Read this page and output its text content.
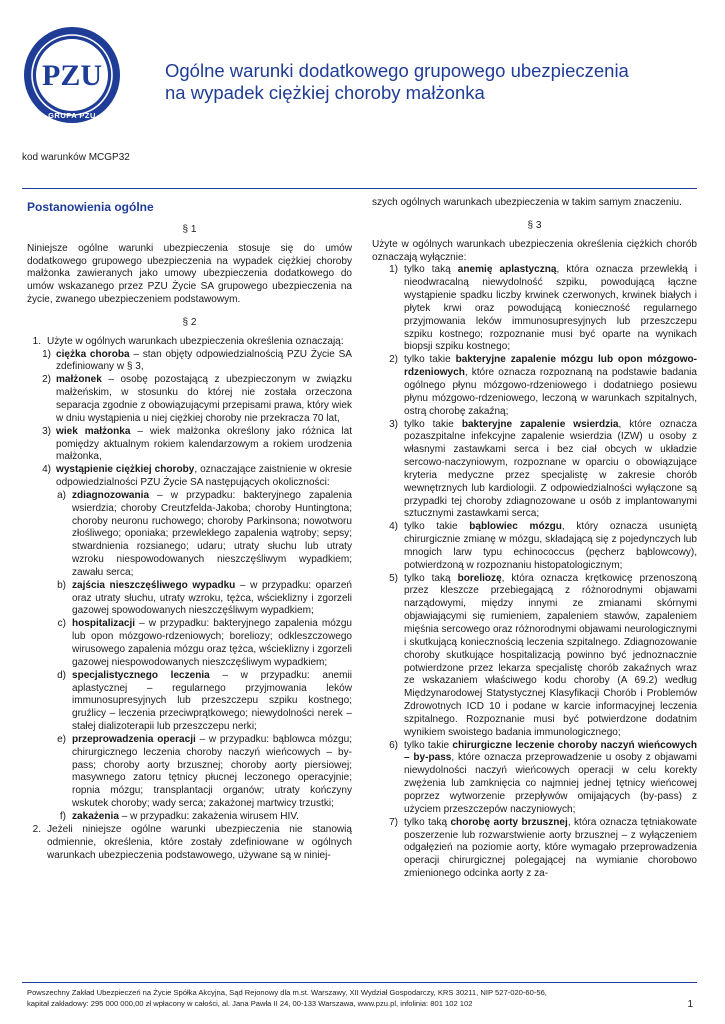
PZU
GRUPA PZU
Ogólne warunki dodatkowego grupowego ubezpieczenia
na wypadek ciężkiej choroby małżonka
kod warunków MCGP32
Postanowienia ogólne
§ 1

Niniejsze ogólne warunki ubezpieczenia stosuje się do umów dodatkowego grupowego ubezpieczenia na wypadek ciężkiej choroby małżonka zawieranych jako umowy ubezpieczenia dodatkowego do umów wskazanego przez PZU Życie SA grupowego ubezpieczenia na życie, zwanego ubezpieczeniem podstawowym.

§ 2
1. Użyte w ogólnych warunkach ubezpieczenia określenia oznaczają:
1) ciężka choroba – stan objęty odpowiedzialnością PZU Życie SA zdefiniowany w § 3,
2) małżonek – osobę pozostającą z ubezpieczonym w związku małżeńskim, w stosunku do której nie została orzeczona separacja zgodnie z obowiązującymi przepisami prawa, który wiek w dniu wystąpienia u niej ciężkiej choroby nie przekracza 70 lat,
3) wiek małżonka – wiek małżonka określony jako różnica lat pomiędzy aktualnym rokiem kalendarzowym a rokiem urodzenia małżonka,
4) wystąpienie ciężkiej choroby, oznaczające zaistnienie w okresie odpowiedzialności PZU Życie SA następujących okoliczności:
a) zdiagnozowania – w przypadku: bakteryjnego zapalenia wsierdzia; choroby Creutzfelda-Jakoba; choroby Huntingtona; choroby neuronu ruchowego; choroby Parkinsona; nowotworu złośliwego; oponiaka; przewlekłego zapalenia wątroby; sepsy; stwardnienia rozsianego; udaru; utraty słuchu lub utraty wzroku niespowodowanych nieszczęśliwym wypadkiem; zawału serca;
b) zajścia nieszczęśliwego wypadku – w przypadku: oparzeń oraz utraty słuchu, utraty wzroku, tężca, wścieklizny i zgorzeli gazowej spowodowanych nieszczęśliwym wypadkiem;
c) hospitalizacji – w przypadku: bakteryjnego zapalenia mózgu lub opon mózgowo-rdzeniowych; boreliozy; odkleszczowego wirusowego zapalenia mózgu oraz tężca, wścieklizny i zgorzeli gazowej niespowodowanych nieszczęśliwym wypadkiem;
d) specjalistycznego leczenia – w przypadku: anemii aplastycznej – regularnego przyjmowania leków immunosupresyjnych lub przeszczepu szpiku kostnego; gruźlicy – leczenia przeciwprątkowego; niewydolności nerek – stałej dializoterapii lub przeszczepu nerki;
e) przeprowadzenia operacji – w przypadku: bąblowca mózgu; chirurgicznego leczenia choroby naczyń wieńcowych – by-pass; choroby aorty brzusznej; choroby aorty piersiowej; masywnego zatoru tętnicy płucnej leczonego operacyjnie; ropnia mózgu; transplantacji organów; utraty kończyny wskutek choroby; wady serca; zakażonej martwicy trzustki;
f) zakażenia – w przypadku: zakażenia wirusem HIV.
2. Jeżeli niniejsze ogólne warunki ubezpieczenia nie stanowią odmiennie, określenia, które zostały zdefiniowane w ogólnych warunkach ubezpieczenia podstawowego, używane są w niniej-

szych ogólnych warunkach ubezpieczenia w takim samym znaczeniu.

§ 3

Użyte w ogólnych warunkach ubezpieczenia określenia ciężkich chorób oznaczają wyłącznie:

1) tylko taką anemię aplastyczną, która oznacza przewlekłą i nieodwracalną niewydolność szpiku, powodującą łączne wystąpienie spadku liczby krwinek czerwonych, krwinek białych i płytek krwi oraz powodującą konieczność regularnego przyjmowania leków immunosupresyjnych lub przeszczepu szpiku kostnego; rozpoznanie musi być oparte na wynikach biopsji szpiku kostnego;
2) tylko takie bakteryjne zapalenie mózgu lub opon mózgowo-rdzeniowych, które oznacza rozpoznaną na podstawie badania ogólnego płynu mózgowo-rdzeniowego i dodatniego posiewu płynu mózgowo-rdzeniowego, leczoną w warunkach szpitalnych, ostrą chorobę zakaźną;
3) tylko takie bakteryjne zapalenie wsierdzia, które oznacza pozaszpitalne infekcyjne zapalenie wsierdzia (IZW) u osoby z własnymi zastawkami serca i bez ciał obcych w układzie sercowo-naczyniowym, rozpoznane w oparciu o obowiązujące kryteria medyczne przez specjalistę w zakresie chorób wewnętrznych lub kardiologii. Z odpowiedzialności wyłączone są przypadki tej choroby zdiagnozowane u osób z implantowanymi sztucznymi zastawkami serca;
4) tylko takie bąblowiec mózgu, który oznacza usuniętą chirurgicznie zmianę w mózgu, składającą się z pojedynczych lub mnogich larw typu echinococcus (pęcherz bąblowcowy), potwierdzoną w rozpoznaniu histopatologicznym;
5) tylko taką boreliozę, która oznacza krętkowicę przenoszoną przez kleszcze przebiegającą z różnorodnymi objawami narządowymi, między innymi ze zmianami skórnymi objawiającymi się rumieniem, zapaleniem stawów, zapaleniem mięśnia sercowego oraz różnorodnymi objawami neurologicznymi i skutkującą koniecznością leczenia szpitalnego. Zdiagnozowanie choroby skutkujące hospitalizacją powinno być jednoznacznie potwierdzone przez lekarza specjalistę chorób zakaźnych wraz ze wskazaniem właściwego kodu choroby (A 69.2) według Międzynarodowej Statystycznej Klasyfikacji Chorób i Problemów Zdrowotnych ICD 10 i podane w karcie informacyjnej leczenia szpitalnego. Rozpoznanie musi być potwierdzone dodatnim wynikiem swoistego badania immunologicznego;
6) tylko takie chirurgiczne leczenie choroby naczyń wieńcowych – by-pass, które oznacza przeprowadzenie u osoby z objawami niewydolności naczyń wieńcowych operacji w celu korekty zwężenia lub zamknięcia co najmniej jednej tętnicy wieńcowej poprzez wytworzenie przepływów omijających (by-pass) z użyciem przeszczepów naczyniowych;
7) tylko taką chorobę aorty brzusznej, która oznacza tętniakowate poszerzenie lub rozwarstwienie aorty brzusznej – z wyłączeniem odgałęzień na poziomie aorty, które wymagało przeprowadzenia operacji chirurgicznej polegającej na wymianie chorobowo zmienionego odcinka aorty z za-
Powszechny Zakład Ubezpieczeń na Życie Spółka Akcyjna, Sąd Rejonowy dla m.st. Warszawy, XII Wydział Gospodarczy, KRS 30211, NIP 527-020-60-56,
kapitał zakładowy: 295 000 000,00 zł wpłacony w całości, al. Jana Pawła II 24, 00-133 Warszawa, www.pzu.pl, infolinia: 801 102 102	1
